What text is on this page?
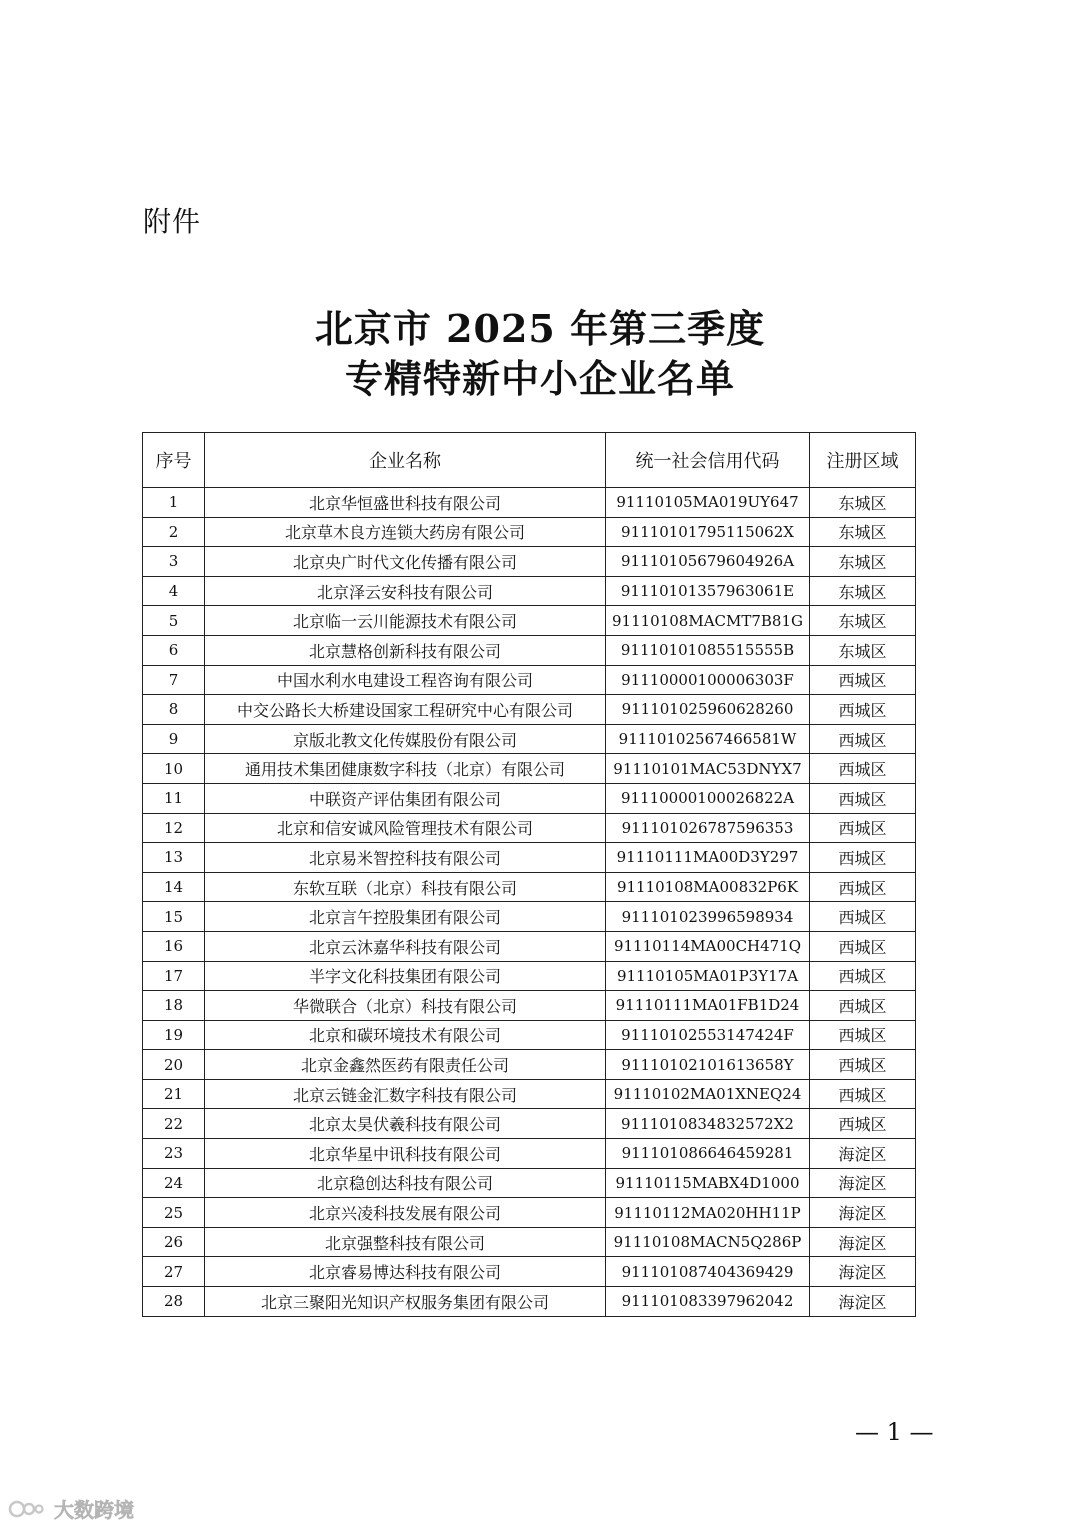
附件
北京市 2025 年第三季度
专精特新中小企业名单
序号	企业名称	统一社会信用代码	注册区域
1	北京华恒盛世科技有限公司	91110105MA019UY647	东城区
2	北京草木良方连锁大药房有限公司	91110101795115062X	东城区
3	北京央广时代文化传播有限公司	91110105679604926A	东城区
4	北京泽云安科技有限公司	91110101357963061E	东城区
5	北京临一云川能源技术有限公司	91110108MACMT7B81G	东城区
6	北京慧格创新科技有限公司	91110101085515555B	东城区
7	中国水利水电建设工程咨询有限公司	91110000100006303F	西城区
8	中交公路长大桥建设国家工程研究中心有限公司	911101025960628260	西城区
9	京版北教文化传媒股份有限公司	91110102567466581W	西城区
10	通用技术集团健康数字科技（北京）有限公司	91110101MAC53DNYX7	西城区
11	中联资产评估集团有限公司	91110000100026822A	西城区
12	北京和信安诚风险管理技术有限公司	911101026787596353	西城区
13	北京易米智控科技有限公司	91110111MA00D3Y297	西城区
14	东软互联（北京）科技有限公司	91110108MA00832P6K	西城区
15	北京言午控股集团有限公司	911101023996598934	西城区
16	北京云沐嘉华科技有限公司	91110114MA00CH471Q	西城区
17	半字文化科技集团有限公司	91110105MA01P3Y17A	西城区
18	华微联合（北京）科技有限公司	91110111MA01FB1D24	西城区
19	北京和碳环境技术有限公司	91110102553147424F	西城区
20	北京金鑫然医药有限责任公司	91110102101613658Y	西城区
21	北京云链金汇数字科技有限公司	91110102MA01XNEQ24	西城区
22	北京太昊伏羲科技有限公司	9111010834832572X2	西城区
23	北京华星中讯科技有限公司	911101086646459281	海淀区
24	北京稳创达科技有限公司	91110115MABX4D1000	海淀区
25	北京兴凌科技发展有限公司	91110112MA020HH11P	海淀区
26	北京强整科技有限公司	91110108MACN5Q286P	海淀区
27	北京睿易博达科技有限公司	911101087404369429	海淀区
28	北京三聚阳光知识产权服务集团有限公司	911101083397962042	海淀区
— 1 —
大数跨境
